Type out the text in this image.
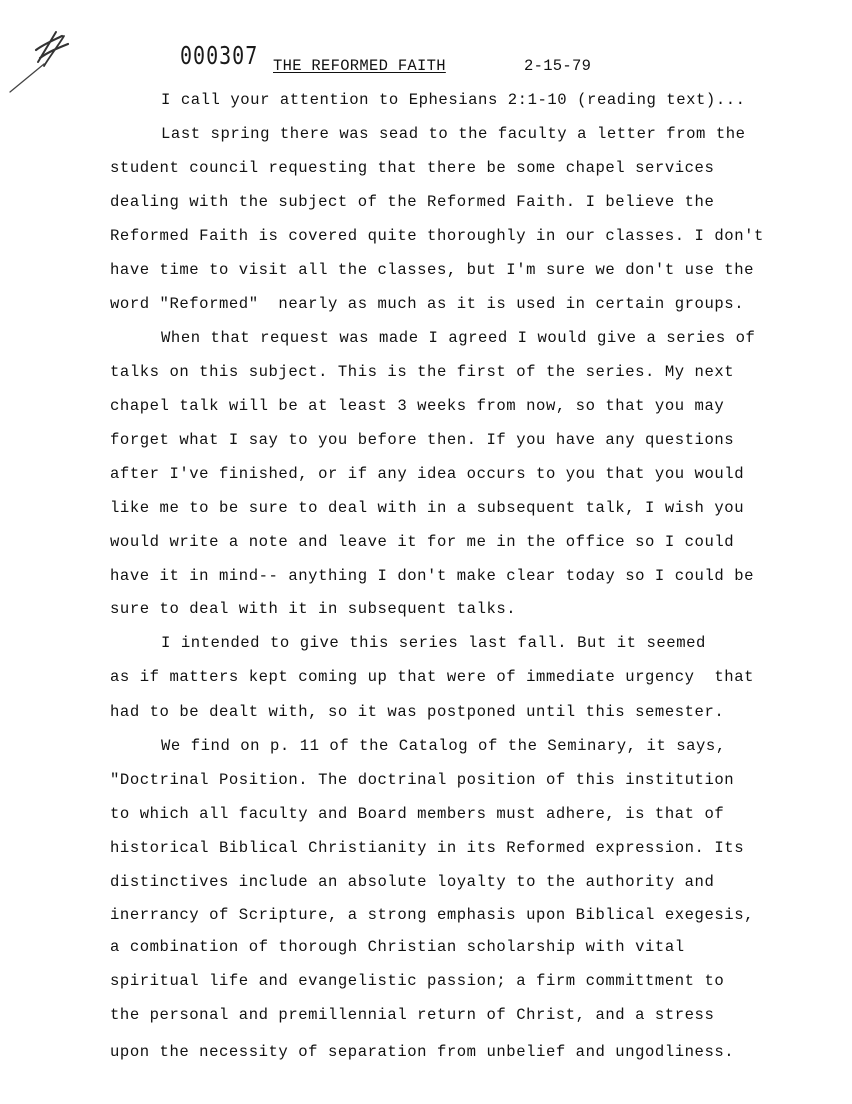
000307 THE REFORMED FAITH	2-15-79
I call your attention to Ephesians 2:1-10 (reading text)...
Last spring there was sead to the faculty a letter from the
student council requesting that there be some chapel services
dealing with the subject of the Reformed Faith. I believe the
Reformed Faith is covered quite thoroughly in our classes. I don't
have time to visit all the classes, but I'm sure we don't use the
word "Reformed"  nearly as much as it is used in certain groups.
When that request was made I agreed I would give a series of
talks on this subject. This is the first of the series. My next
chapel talk will be at least 3 weeks from now, so that you may
forget what I say to you before then. If you have any questions
after I've finished, or if any idea occurs to you that you would
like me to be sure to deal with in a subsequent talk, I wish you
would write a note and leave it for me in the office so I could
have it in mind-- anything I don't make clear today so I could be
sure to deal with it in subsequent talks.
I intended to give this series last fall. But it seemed
as if matters kept coming up that were of immediate urgency  that
had to be dealt with, so it was postponed until this semester.
We find on p. 11 of the Catalog of the Seminary, it says,
"Doctrinal Position. The doctrinal position of this institution
to which all faculty and Board members must adhere, is that of
historical Biblical Christianity in its Reformed expression. Its
distinctives include an absolute loyalty to the authority and
inerrancy of Scripture, a strong emphasis upon Biblical exegesis,
a combination of thorough Christian scholarship with vital
spiritual life and evangelistic passion; a firm committment to
the personal and premillennial return of Christ, and a stress
upon the necessity of separation from unbelief and ungodliness.
